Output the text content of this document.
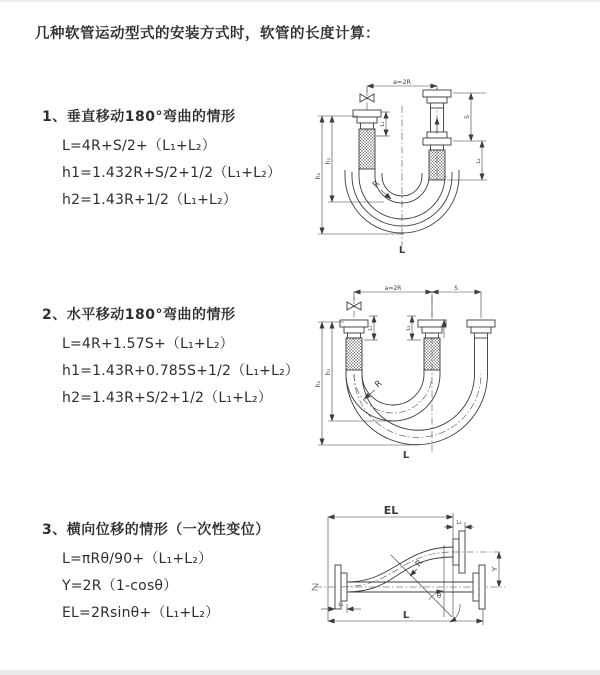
几种软管运动型式的安装方式时，软管的长度计算：
1、垂直移动180°弯曲的情形
L=4R+S/2+（L₁+L₂）
h1=1.432R+S/2+1/2（L₁+L₂）
h2=1.43R+1/2（L₁+L₂）
a=2R
R
h₁
h₂
L₁
S
L₂
L
2、水平移动180°弯曲的情形
L=4R+1.57S+（L₁+L₂）
h1=1.43R+0.785S+1/2（L₁+L₂）
h2=1.43R+S/2+1/2（L₁+L₂）
a=2R	S
R
h₁
h₂
L₁	L₂
L
3、横向位移的情形（一次性变位）
L=πRθ/90+（L₁+L₂）
Y=2R（1-cosθ）
EL=2Rsinθ+（L₁+L₂）
EL
L₂
R
θ
Y
L₁
L
